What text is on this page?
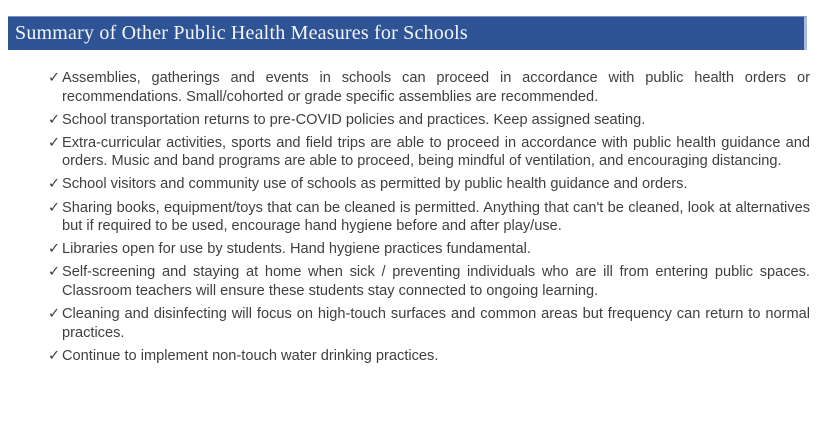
Summary of Other Public Health Measures for Schools
✓ Assemblies, gatherings and events in schools can proceed in accordance with public health orders or recommendations. Small/cohorted or grade specific assemblies are recommended.
✓ School transportation returns to pre-COVID policies and practices. Keep assigned seating.
✓ Extra-curricular activities, sports and field trips are able to proceed in accordance with public health guidance and orders. Music and band programs are able to proceed, being mindful of ventilation, and encouraging distancing.
✓ School visitors and community use of schools as permitted by public health guidance and orders.
✓ Sharing books, equipment/toys that can be cleaned is permitted. Anything that can't be cleaned, look at alternatives but if required to be used, encourage hand hygiene before and after play/use.
✓ Libraries open for use by students. Hand hygiene practices fundamental.
✓ Self-screening and staying at home when sick / preventing individuals who are ill from entering public spaces. Classroom teachers will ensure these students stay connected to ongoing learning.
✓ Cleaning and disinfecting will focus on high-touch surfaces and common areas but frequency can return to normal practices.
✓ Continue to implement non-touch water drinking practices.
